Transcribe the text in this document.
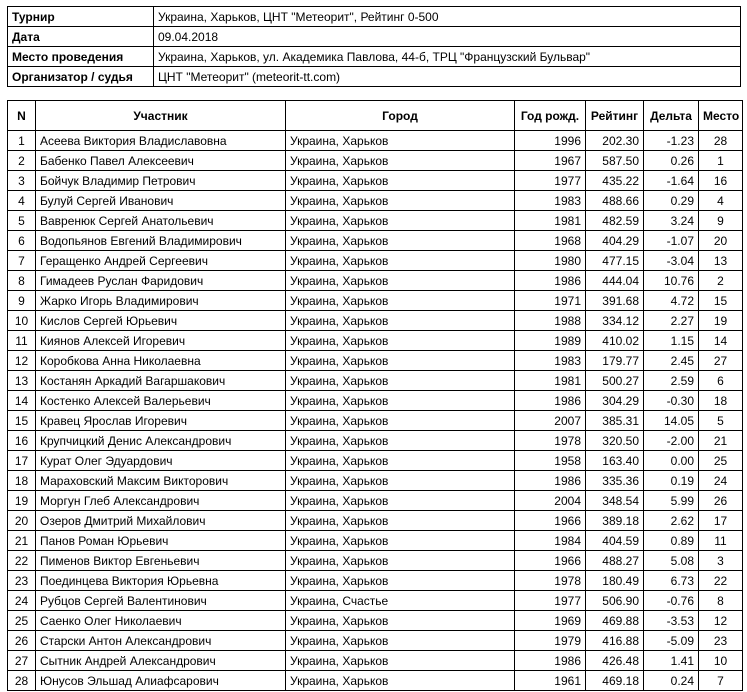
Турнир	Украина, Харьков, ЦНТ "Метеорит", Рейтинг 0-500
Дата	09.04.2018
Место проведения	Украина, Харьков, ул. Академика Павлова, 44-б, ТРЦ "Французский Бульвар"
Организатор / судья	ЦНТ "Метеорит" (meteorit-tt.com)
N	Участник	Город	Год рожд.	Рейтинг	Дельта	Место
1	Асеева Виктория Владиславовна	Украина, Харьков	1996	202.30	-1.23	28
2	Бабенко Павел Алексеевич	Украина, Харьков	1967	587.50	0.26	1
3	Бойчук Владимир Петрович	Украина, Харьков	1977	435.22	-1.64	16
4	Булуй Сергей Иванович	Украина, Харьков	1983	488.66	0.29	4
5	Вавренюк Сергей Анатольевич	Украина, Харьков	1981	482.59	3.24	9
6	Водопьянов Евгений Владимирович	Украина, Харьков	1968	404.29	-1.07	20
7	Геращенко Андрей Сергеевич	Украина, Харьков	1980	477.15	-3.04	13
8	Гимадеев Руслан Фаридович	Украина, Харьков	1986	444.04	10.76	2
9	Жарко Игорь Владимирович	Украина, Харьков	1971	391.68	4.72	15
10	Кислов Сергей Юрьевич	Украина, Харьков	1988	334.12	2.27	19
11	Киянов Алексей Игоревич	Украина, Харьков	1989	410.02	1.15	14
12	Коробкова Анна Николаевна	Украина, Харьков	1983	179.77	2.45	27
13	Костанян Аркадий Вагаршакович	Украина, Харьков	1981	500.27	2.59	6
14	Костенко Алексей Валерьевич	Украина, Харьков	1986	304.29	-0.30	18
15	Кравец Ярослав Игоревич	Украина, Харьков	2007	385.31	14.05	5
16	Крупчицкий Денис Александрович	Украина, Харьков	1978	320.50	-2.00	21
17	Курат Олег Эдуардович	Украина, Харьков	1958	163.40	0.00	25
18	Мараховский Максим Викторович	Украина, Харьков	1986	335.36	0.19	24
19	Моргун Глеб Александрович	Украина, Харьков	2004	348.54	5.99	26
20	Озеров Дмитрий Михайлович	Украина, Харьков	1966	389.18	2.62	17
21	Панов Роман Юрьевич	Украина, Харьков	1984	404.59	0.89	11
22	Пименов Виктор Евгеньевич	Украина, Харьков	1966	488.27	5.08	3
23	Поединцева Виктория Юрьевна	Украина, Харьков	1978	180.49	6.73	22
24	Рубцов Сергей Валентинович	Украина, Счастье	1977	506.90	-0.76	8
25	Саенко Олег Николаевич	Украина, Харьков	1969	469.88	-3.53	12
26	Старски Антон Александрович	Украина, Харьков	1979	416.88	-5.09	23
27	Сытник Андрей Александрович	Украина, Харьков	1986	426.48	1.41	10
28	Юнусов Эльшад Алиафсарович	Украина, Харьков	1961	469.18	0.24	7
